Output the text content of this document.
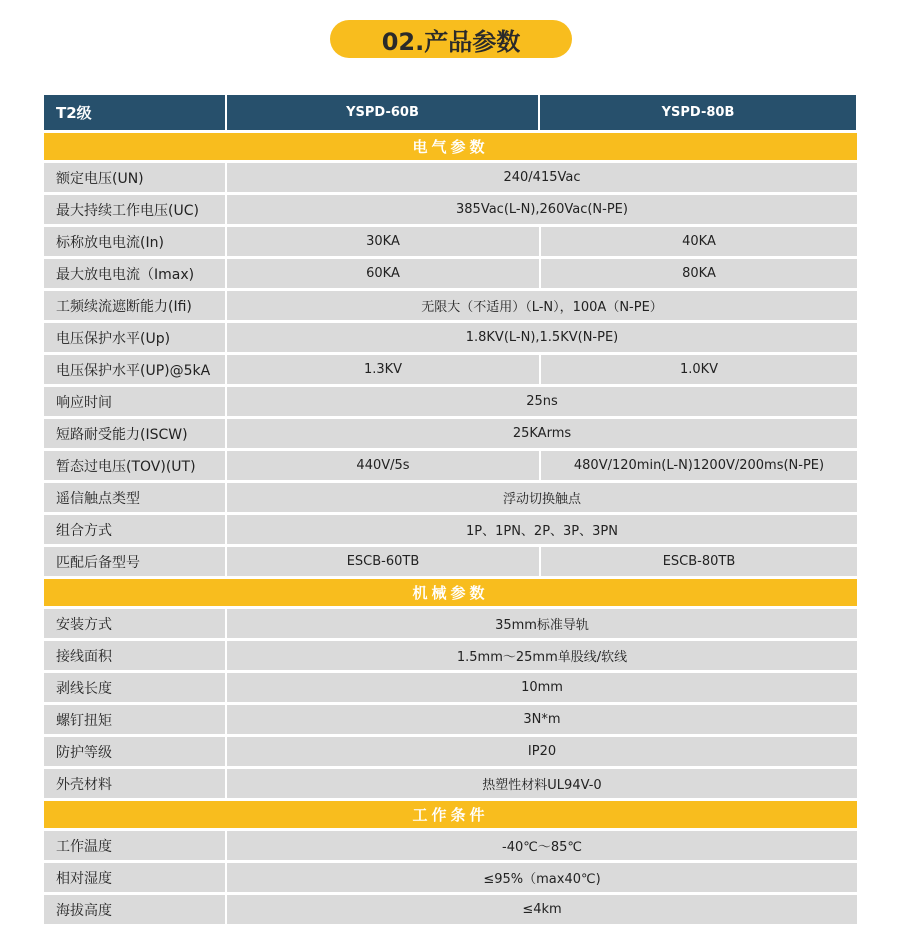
02.产品参数
T2级	YSPD-60B	YSPD-80B
电气参数
额定电压(UN)	240/415Vac
最大持续工作电压(UC)	385Vac(L-N),260Vac(N-PE)
标称放电电流(In)	30KA	40KA
最大放电电流（Imax)	60KA	80KA
工频续流遮断能力(Ifi)	无限大（不适用）（L-N），100A（N-PE）
电压保护水平(Up)	1.8KV(L-N),1.5KV(N-PE)
电压保护水平(UP)@5kA	1.3KV	1.0KV
响应时间	25ns
短路耐受能力(ISCW)	25KArms
暂态过电压(TOV)(UT)	440V/5s	480V/120min(L-N)1200V/200ms(N-PE)
遥信触点类型	浮动切换触点
组合方式	1P、1PN、2P、3P、3PN
匹配后备型号	ESCB-60TB	ESCB-80TB
机械参数
安装方式	35mm标准导轨
接线面积	1.5mm～25mm单股线/软线
剥线长度	10mm
螺钉扭矩	3N*m
防护等级	IP20
外壳材料	热塑性材料UL94V-0
工作条件
工作温度	-40℃～85℃
相对湿度	≤95%（max40℃)
海拔高度	≤4km
